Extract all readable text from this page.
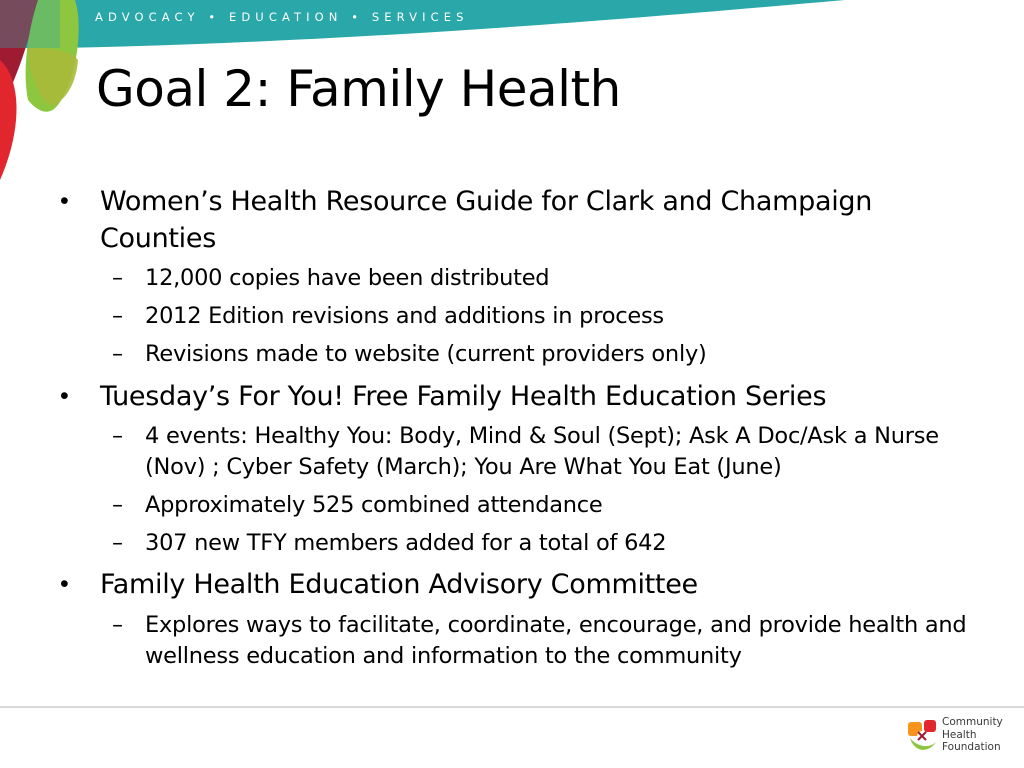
ADVOCACY • EDUCATION • SERVICES
Goal 2: Family Health
• Women’s Health Resource Guide for Clark and Champaign Counties
– 12,000 copies have been distributed
– 2012 Edition revisions and additions in process
– Revisions made to website (current providers only)
• Tuesday’s For You! Free Family Health Education Series
– 4 events: Healthy You: Body, Mind & Soul (Sept); Ask A Doc/Ask a Nurse (Nov) ; Cyber Safety (March); You Are What You Eat (June)
– Approximately 525 combined attendance
– 307 new TFY members added for a total of 642
• Family Health Education Advisory Committee
– Explores ways to facilitate, coordinate, encourage, and provide health and wellness education and information to the community
Community
Health
Foundation
